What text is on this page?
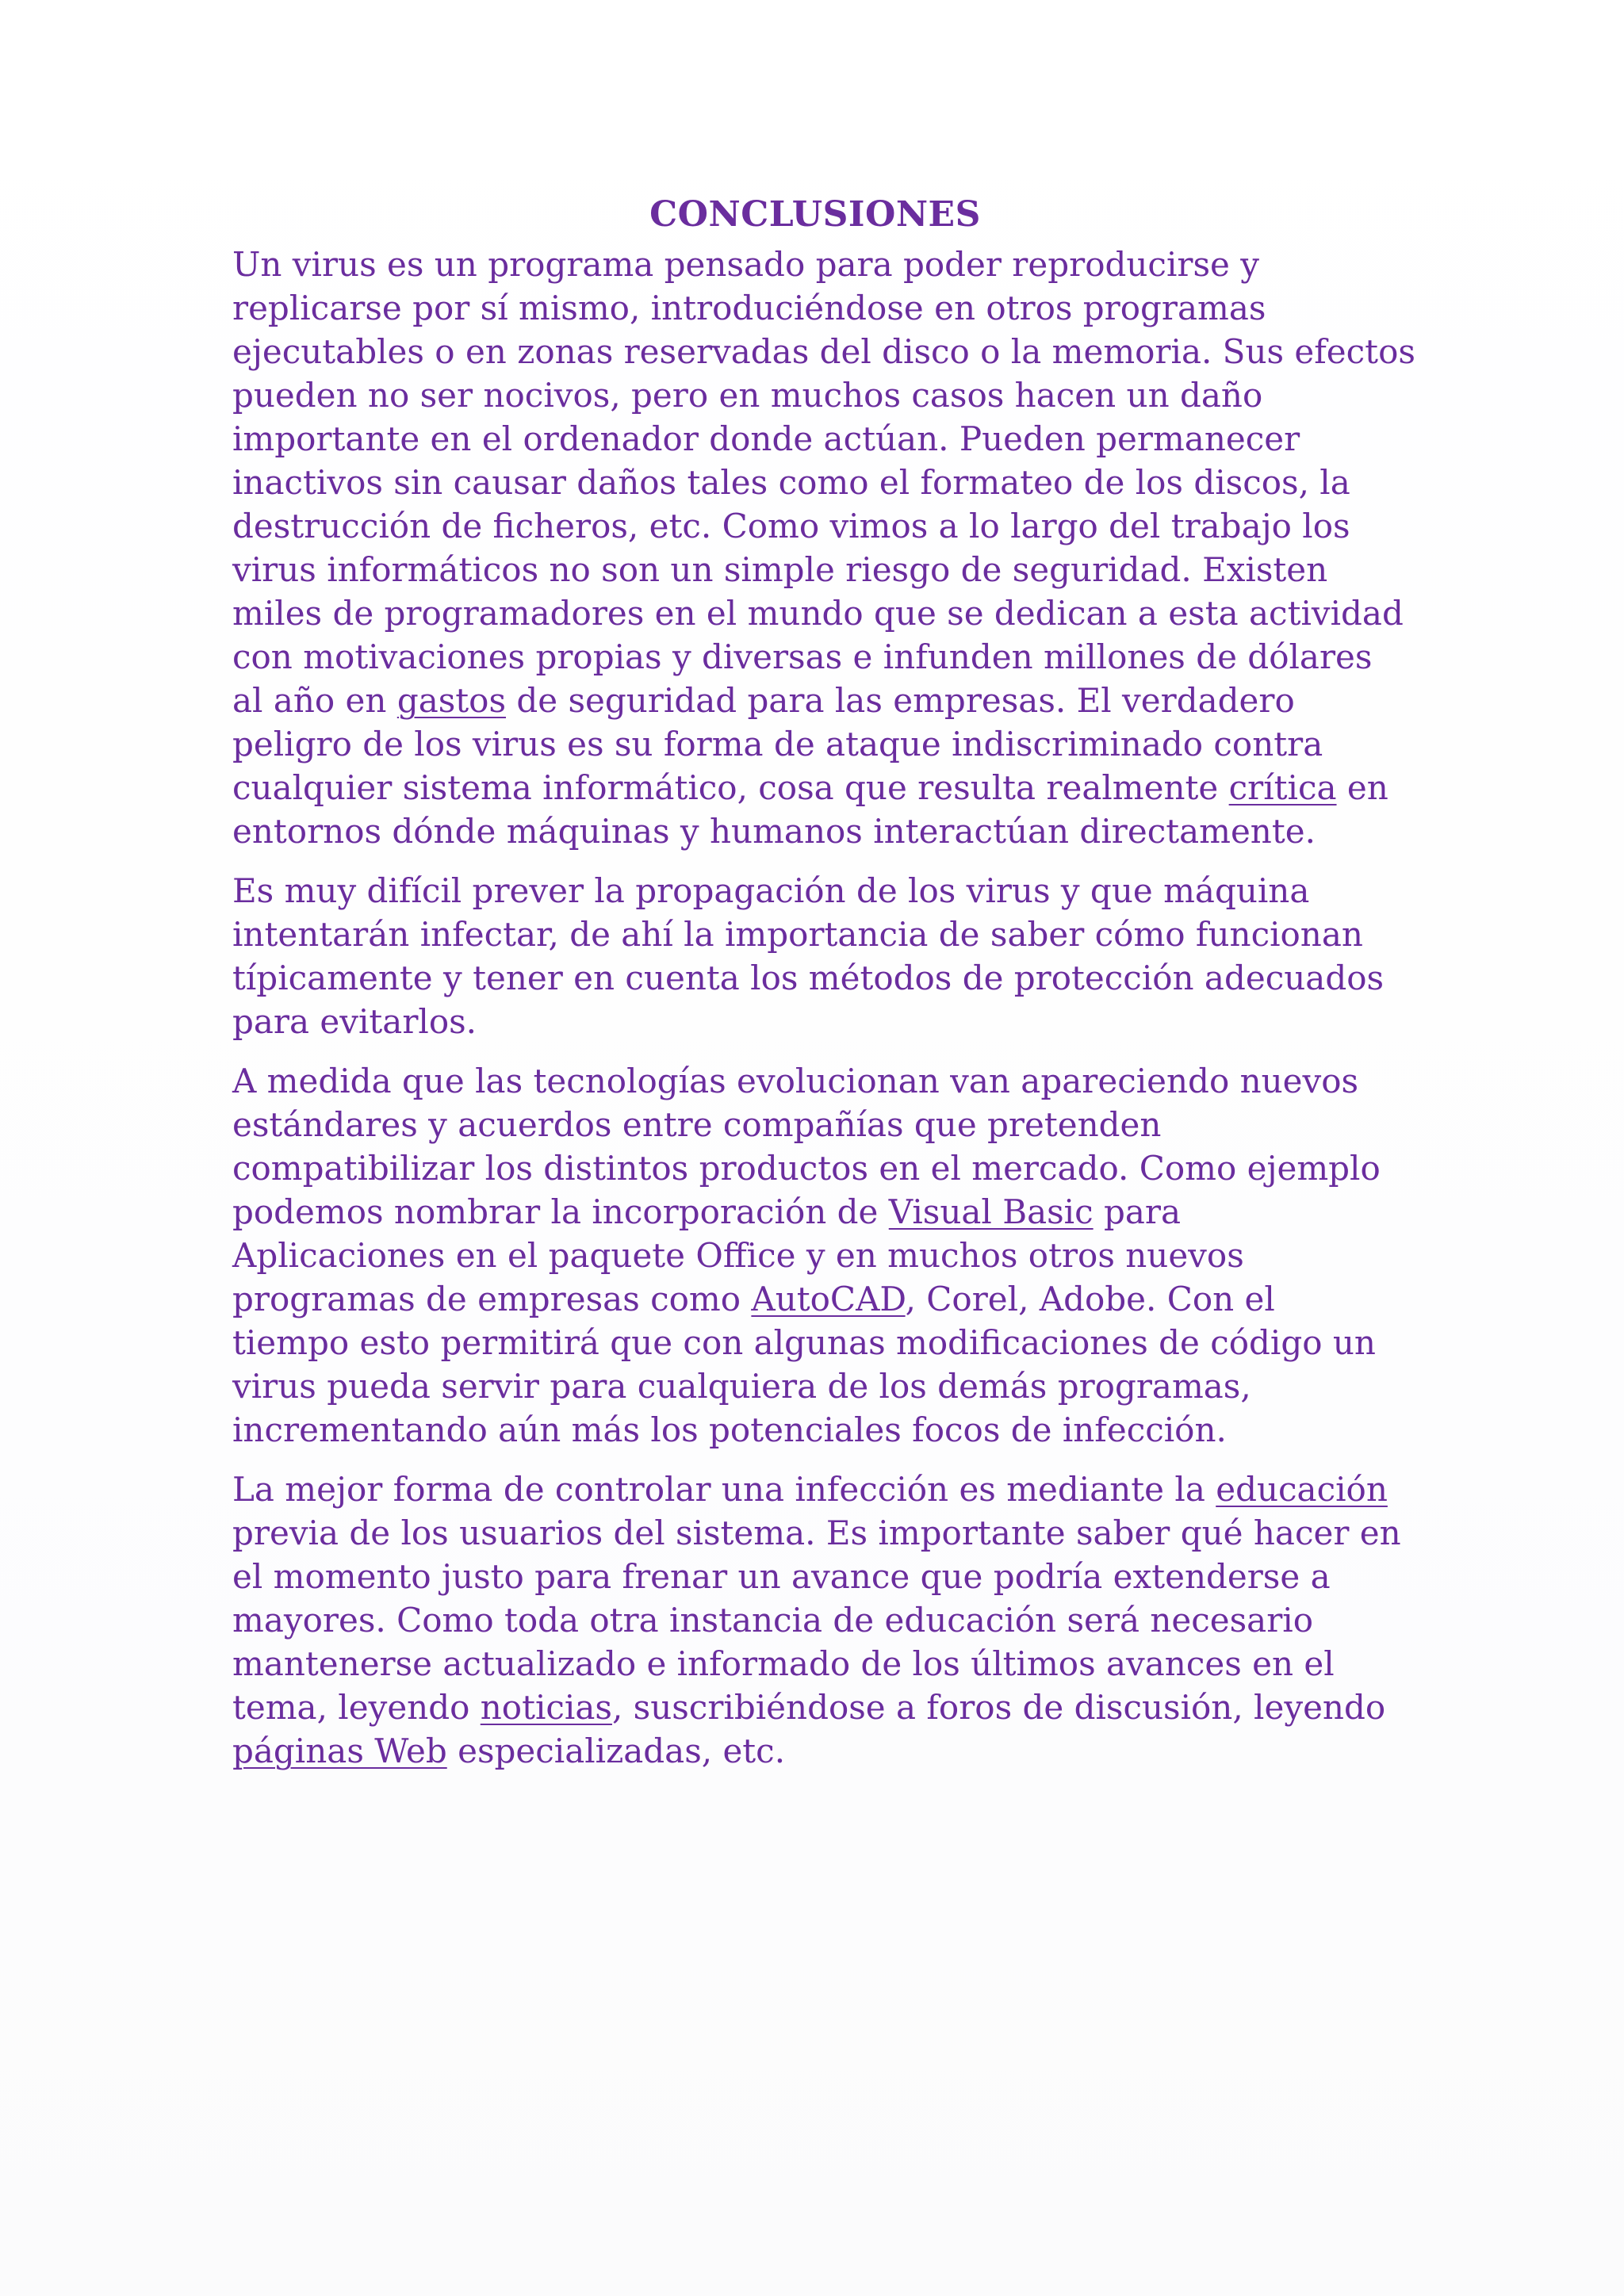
CONCLUSIONES
Un virus es un programa pensado para poder reproducirse y
replicarse por sí mismo, introduciéndose en otros programas
ejecutables o en zonas reservadas del disco o la memoria. Sus efectos
pueden no ser nocivos, pero en muchos casos hacen un daño
importante en el ordenador donde actúan. Pueden permanecer
inactivos sin causar daños tales como el formateo de los discos, la
destrucción de ficheros, etc. Como vimos a lo largo del trabajo los
virus informáticos no son un simple riesgo de seguridad. Existen
miles de programadores en el mundo que se dedican a esta actividad
con motivaciones propias y diversas e infunden millones de dólares
al año en gastos de seguridad para las empresas. El verdadero
peligro de los virus es su forma de ataque indiscriminado contra
cualquier sistema informático, cosa que resulta realmente crítica en
entornos dónde máquinas y humanos interactúan directamente.
Es muy difícil prever la propagación de los virus y que máquina
intentarán infectar, de ahí la importancia de saber cómo funcionan
típicamente y tener en cuenta los métodos de protección adecuados
para evitarlos.
A medida que las tecnologías evolucionan van apareciendo nuevos
estándares y acuerdos entre compañías que pretenden
compatibilizar los distintos productos en el mercado. Como ejemplo
podemos nombrar la incorporación de Visual Basic para
Aplicaciones en el paquete Office y en muchos otros nuevos
programas de empresas como AutoCAD, Corel, Adobe. Con el
tiempo esto permitirá que con algunas modificaciones de código un
virus pueda servir para cualquiera de los demás programas,
incrementando aún más los potenciales focos de infección.
La mejor forma de controlar una infección es mediante la educación
previa de los usuarios del sistema. Es importante saber qué hacer en
el momento justo para frenar un avance que podría extenderse a
mayores. Como toda otra instancia de educación será necesario
mantenerse actualizado e informado de los últimos avances en el
tema, leyendo noticias, suscribiéndose a foros de discusión, leyendo
páginas Web especializadas, etc.
